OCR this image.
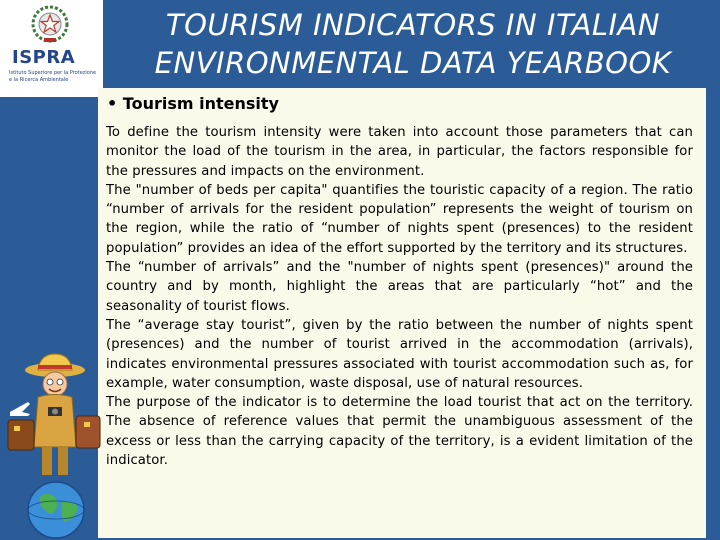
ISPRA
Istituto Superiore per la Protezione e la Ricerca Ambientale
TOURISM INDICATORS IN ITALIAN
ENVIRONMENTAL DATA YEARBOOK
• Tourism intensity

To define the tourism intensity were taken into account those parameters that can monitor the load of the tourism in the area, in particular, the factors responsible for the pressures and impacts on the environment.

The "number of beds per capita" quantifies the touristic capacity of a region. The ratio “number of arrivals for the resident population” represents the weight of tourism on the region, while the ratio of “number of nights spent (presences) to the resident population” provides an idea of the effort supported by the territory and its structures.

The “number of arrivals” and the "number of nights spent (presences)" around the country and by month, highlight the areas that are particularly “hot” and the seasonality of tourist flows.

The “average stay tourist”, given by the ratio between the number of nights spent (presences) and the number of tourist arrived in the accommodation (arrivals), indicates environmental pressures associated with tourist accommodation such as, for example, water consumption, waste disposal, use of natural resources.

The purpose of the indicator is to determine the load tourist that act on the territory. The absence of reference values that permit the unambiguous assessment of the excess or less than the carrying capacity of the territory, is a evident limitation of the indicator.
